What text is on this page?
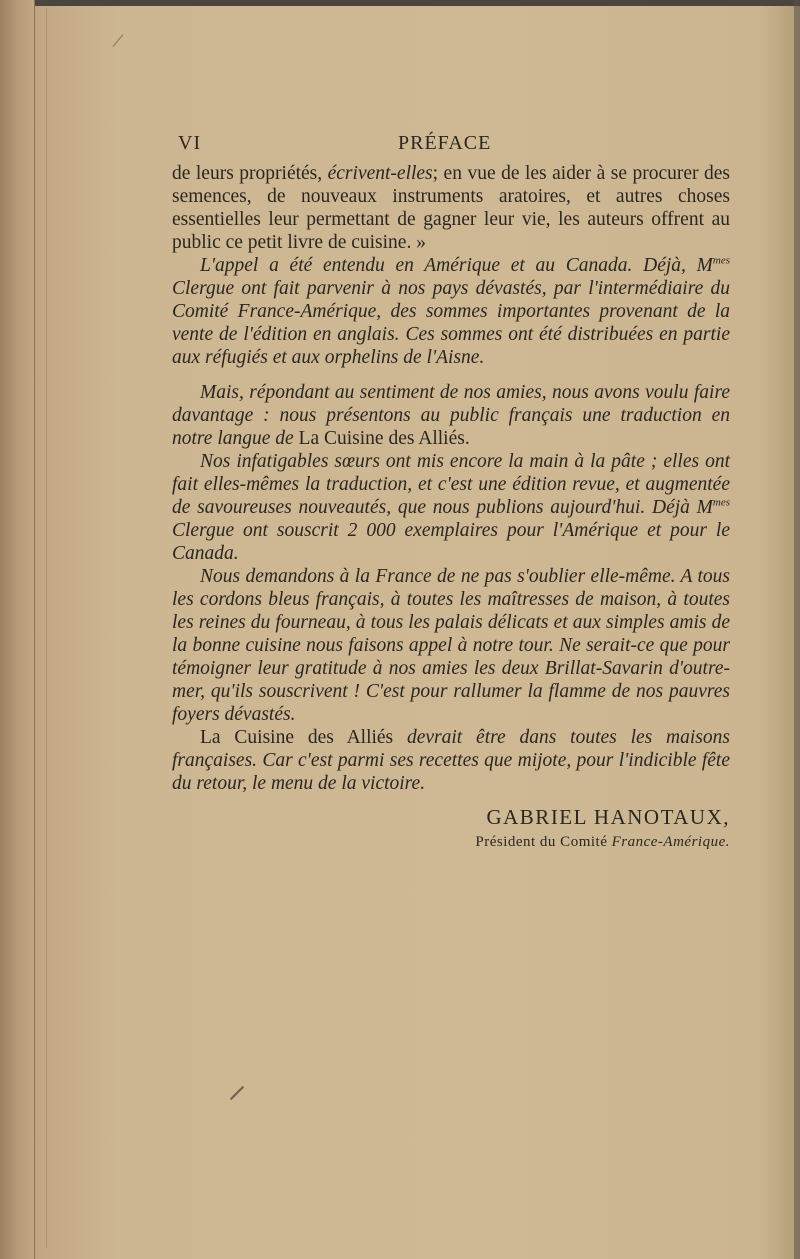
VI	PRÉFACE

de leurs propriétés, écrivent-elles; en vue de les aider à se procurer des semences, de nouveaux instruments aratoires, et autres choses essentielles leur permettant de gagner leur vie, les auteurs offrent au public ce petit livre de cuisine. »

L'appel a été entendu en Amérique et au Canada. Déjà, $M^{mes}$ Clergue ont fait parvenir à nos pays dévastés, par l'intermédiaire du Comité France-Amérique, des sommes importantes provenant de la vente de l'édition en anglais. Ces sommes ont été distribuées en partie aux réfugiés et aux orphelins de l'Aisne.

Mais, répondant au sentiment de nos amies, nous avons voulu faire davantage : nous présentons au public français une traduction en notre langue de La Cuisine des Alliés.

Nos infatigables sœurs ont mis encore la main à la pâte ; elles ont fait elles-mêmes la traduction, et c'est une édition revue, et augmentée de savoureuses nouveautés, que nous publions aujourd'hui. Déjà $M^{mes}$ Clergue ont souscrit 2 000 exemplaires pour l'Amérique et pour le Canada.

Nous demandons à la France de ne pas s'oublier elle-même. A tous les cordons bleus français, à toutes les maîtresses de maison, à toutes les reines du fourneau, à tous les palais délicats et aux simples amis de la bonne cuisine nous faisons appel à notre tour. Ne serait-ce que pour témoigner leur gratitude à nos amies les deux Brillat-Savarin d'outre-mer, qu'ils souscrivent ! C'est pour rallumer la flamme de nos pauvres foyers dévastés.

La Cuisine des Alliés devrait être dans toutes les maisons françaises. Car c'est parmi ses recettes que mijote, pour l'indicible fête du retour, le menu de la victoire.

GABRIEL HANOTAUX,
Président du Comité France-Amérique.
